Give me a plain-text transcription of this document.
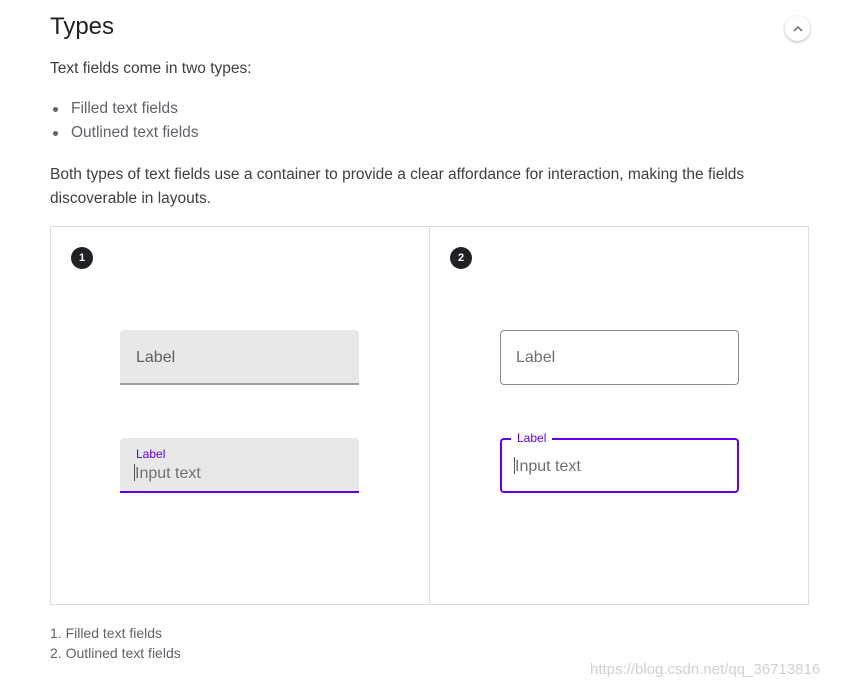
Types
Text fields come in two types:
Filled text fields
Outlined text fields
Both types of text fields use a container to provide a clear affordance for interaction, making the fields discoverable in layouts.
1	2
Label
Label
Input text
Label
Label
Input text
1. Filled text fields
2. Outlined text fields
https://blog.csdn.net/qq_36713816
